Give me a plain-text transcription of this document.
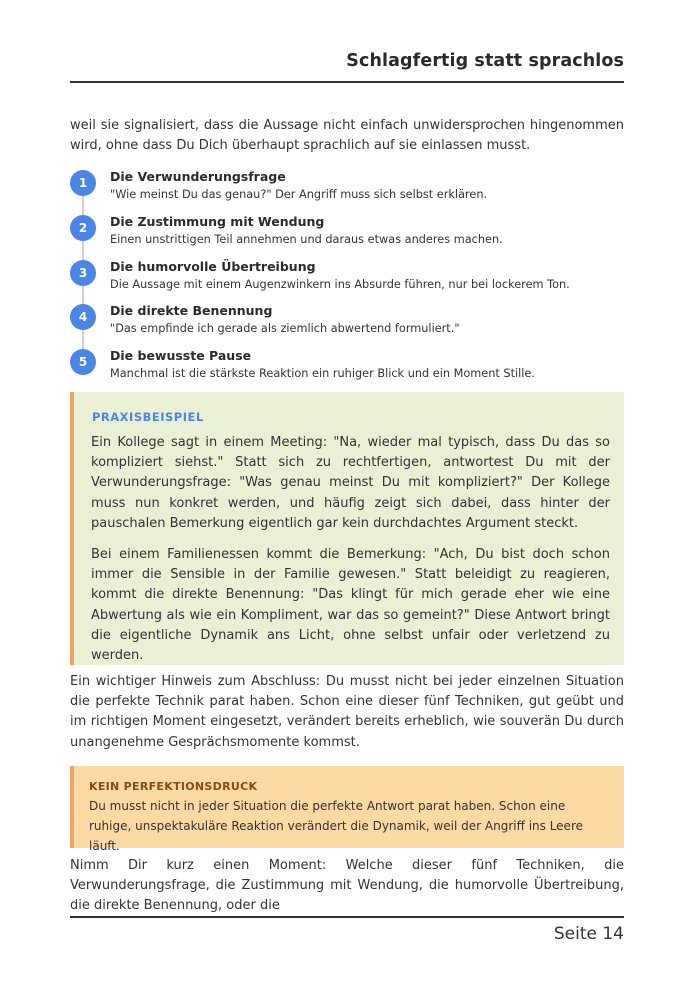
Schlagfertig statt sprachlos

weil sie signalisiert, dass die Aussage nicht einfach unwidersprochen hingenommen wird, ohne dass Du Dich überhaupt sprachlich auf sie einlassen musst.

1	Die Verwunderungsfrage
"Wie meinst Du das genau?" Der Angriff muss sich selbst erklären.
2	Die Zustimmung mit Wendung
Einen unstrittigen Teil annehmen und daraus etwas anderes machen.
3	Die humorvolle Übertreibung
Die Aussage mit einem Augenzwinkern ins Absurde führen, nur bei lockerem Ton.
4	Die direkte Benennung
"Das empfinde ich gerade als ziemlich abwertend formuliert."
5	Die bewusste Pause
Manchmal ist die stärkste Reaktion ein ruhiger Blick und ein Moment Stille.
PRAXISBEISPIEL

Ein Kollege sagt in einem Meeting: "Na, wieder mal typisch, dass Du das so kompliziert siehst." Statt sich zu rechtfertigen, antwortest Du mit der Verwunderungsfrage: "Was genau meinst Du mit kompliziert?" Der Kollege muss nun konkret werden, und häufig zeigt sich dabei, dass hinter der pauschalen Bemerkung eigentlich gar kein durchdachtes Argument steckt.

Bei einem Familienessen kommt die Bemerkung: "Ach, Du bist doch schon immer die Sensible in der Familie gewesen." Statt beleidigt zu reagieren, kommt die direkte Benennung: "Das klingt für mich gerade eher wie eine Abwertung als wie ein Kompliment, war das so gemeint?" Diese Antwort bringt die eigentliche Dynamik ans Licht, ohne selbst unfair oder verletzend zu werden.

Ein wichtiger Hinweis zum Abschluss: Du musst nicht bei jeder einzelnen Situation die perfekte Technik parat haben. Schon eine dieser fünf Techniken, gut geübt und im richtigen Moment eingesetzt, verändert bereits erheblich, wie souverän Du durch unangenehme Gesprächsmomente kommst.

KEIN PERFEKTIONSDRUCK

Du musst nicht in jeder Situation die perfekte Antwort parat haben. Schon eine ruhige, unspektakuläre Reaktion verändert die Dynamik, weil der Angriff ins Leere läuft.

Nimm Dir kurz einen Moment: Welche dieser fünf Techniken, die Verwunderungsfrage, die Zustimmung mit Wendung, die humorvolle Übertreibung, die direkte Benennung, oder die

Seite 14
